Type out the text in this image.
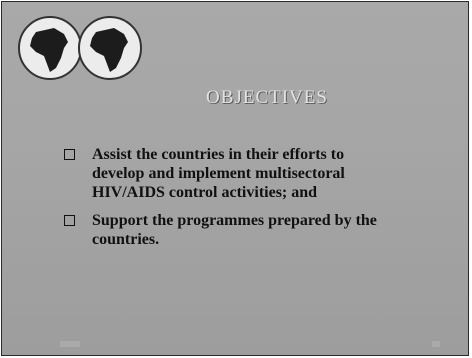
OBJECTIVES
Assist the countries in their efforts to
develop and implement multisectoral
HIV/AIDS control activities; and
Support the programmes prepared by the
countries.
